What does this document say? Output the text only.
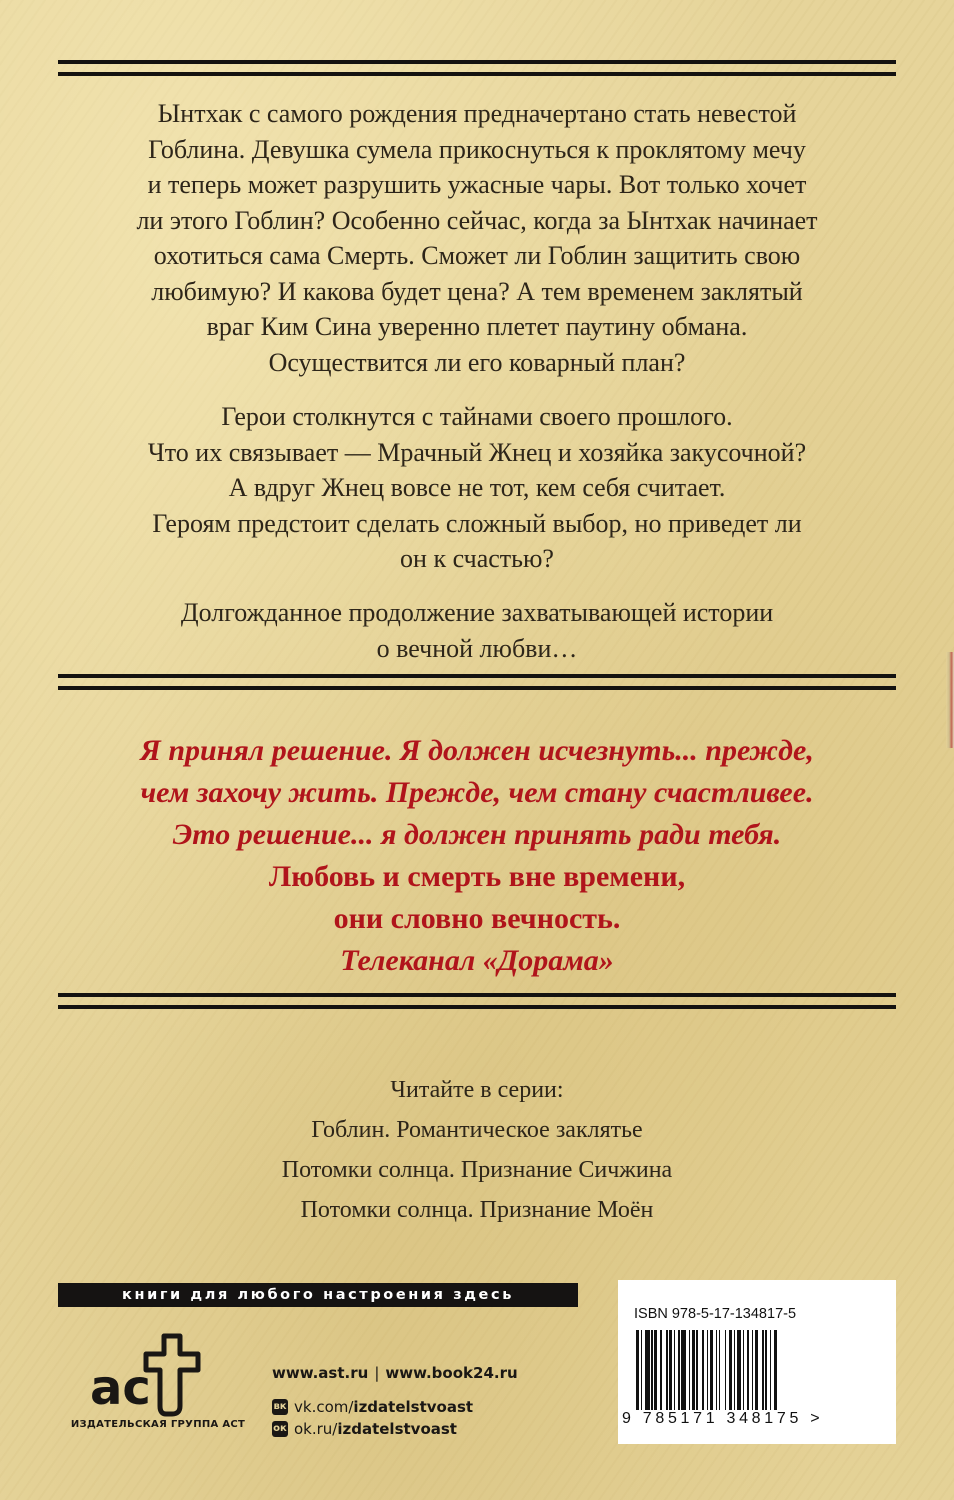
Ынтхак с самого рождения предначертано стать невестой

Гоблина. Девушка сумела прикоснуться к проклятому мечу

и теперь может разрушить ужасные чары. Вот только хочет

ли этого Гоблин? Особенно сейчас, когда за Ынтхак начинает

охотиться сама Смерть. Сможет ли Гоблин защитить свою

любимую? И какова будет цена? А тем временем заклятый

враг Ким Сина уверенно плетет паутину обмана.

Осуществится ли его коварный план?

Герои столкнутся с тайнами своего прошлого.

Что их связывает — Мрачный Жнец и хозяйка закусочной?

А вдруг Жнец вовсе не тот, кем себя считает.

Героям предстоит сделать сложный выбор, но приведет ли

он к счастью?

Долгожданное продолжение захватывающей истории

о вечной любви…

Я принял решение. Я должен исчезнуть... прежде,
чем захочу жить. Прежде, чем стану счастливее.
Это решение... я должен принять ради тебя.
Любовь и смерть вне времени,
они словно вечность.
Телеканал «Дорама»
Читайте в серии:
Гоблин. Романтическое заклятье
Потомки солнца. Признание Сичжина
Потомки солнца. Признание Моён
книги для любого настроения здесь
ас
ИЗДАТЕЛЬСКАЯ ГРУППА АСТ
www.ast.ru | www.book24.ru
вк vk.com/ izdatelstvoast
ок ok.ru/ izdatelstvoast
ISBN 978-5-17-134817-5
9 785171 348175 >
